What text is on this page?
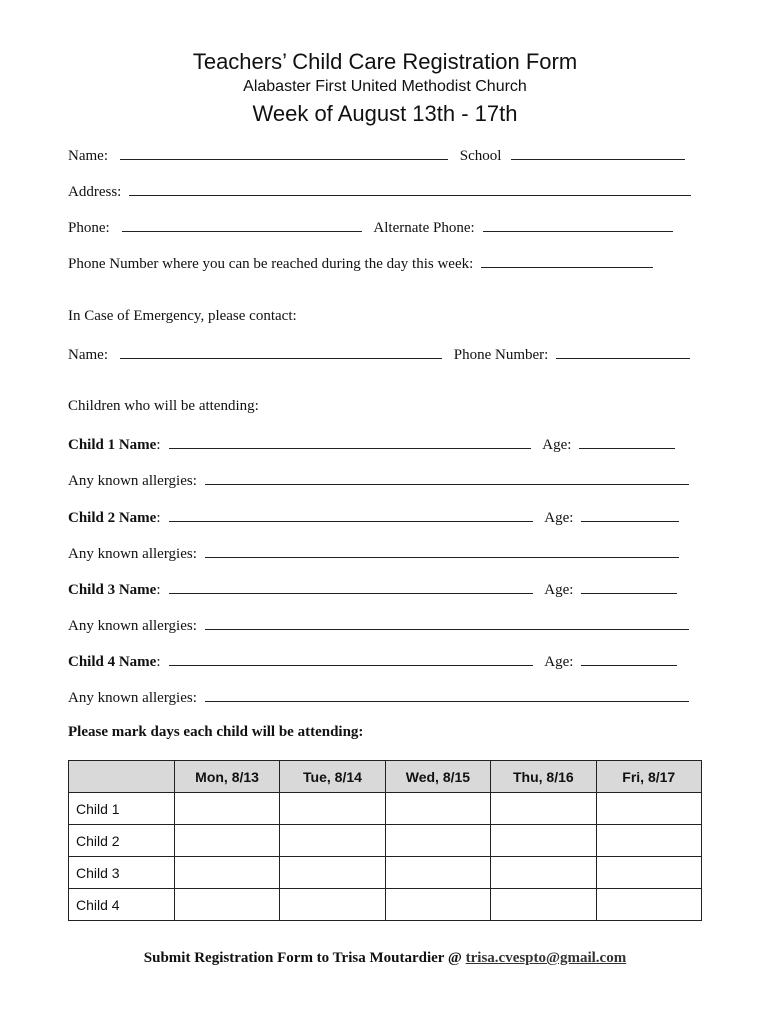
Teachers’ Child Care Registration Form
Alabaster First United Methodist Church
Week of August 13th - 17th
Name:	School
Address:
Phone:	Alternate Phone:
Phone Number where you can be reached during the day this week:
In Case of Emergency, please contact:
Name:	Phone Number:
Children who will be attending:
Child 1 Name:	Age:
Any known allergies:
Child 2 Name:	Age:
Any known allergies:
Child 3 Name:	Age:
Any known allergies:
Child 4 Name:	Age:
Any known allergies:
Please mark days each child will be attending:
	Mon, 8/13	Tue, 8/14	Wed, 8/15	Thu, 8/16	Fri, 8/17
Child 1					
Child 2					
Child 3					
Child 4					
Submit Registration Form to Trisa Moutardier @ trisa.cvespto@gmail.com
